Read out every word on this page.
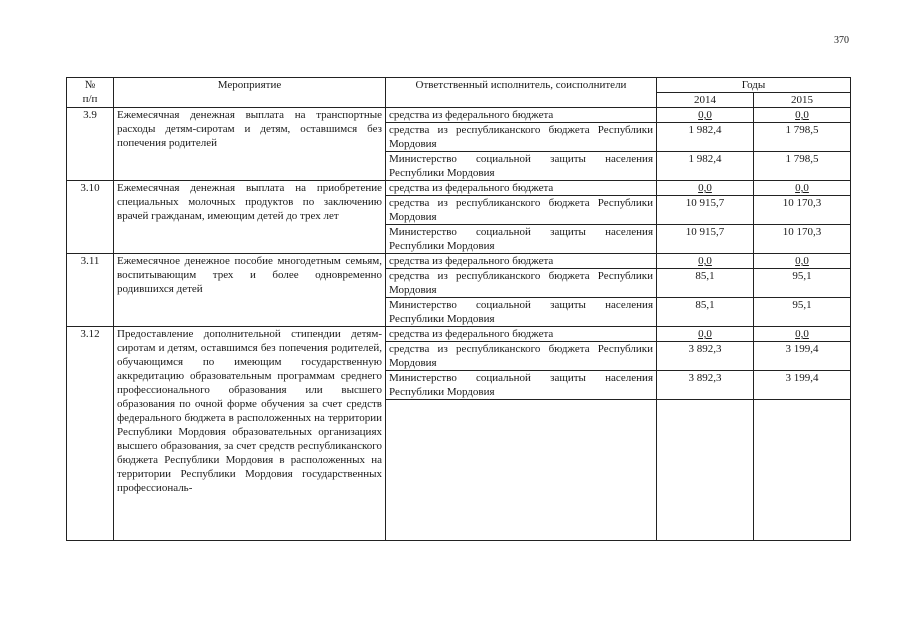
370
№
п/п	Мероприятие	Ответственный исполнитель, соисполнители	Годы	
			2014	2015
3.9	Ежемесячная денежная выплата на транспортные расходы детям-сиротам и детям, оставшимся без попечения родителей	средства из федерального бюджета	0,0	0,0
		средства из республиканского бюджета Республики Мордовия	1 982,4	1 798,5
		Министерство социальной защиты населения Республики Мордовия	1 982,4	1 798,5
3.10	Ежемесячная денежная выплата на приобретение специальных молочных продуктов по заключению врачей гражданам, имеющим детей до трех лет	средства из федерального бюджета	0,0	0,0
		средства из республиканского бюджета Республики Мордовия	10 915,7	10 170,3
		Министерство социальной защиты населения Республики Мордовия	10 915,7	10 170,3
3.11	Ежемесячное денежное пособие многодетным семьям, воспитывающим трех и более одновременно родившихся детей	средства из федерального бюджета	0,0	0,0
		средства из республиканского бюджета Республики Мордовия	85,1	95,1
		Министерство социальной защиты населения Республики Мордовия	85,1	95,1
3.12	Предоставление дополнительной стипендии детям-сиротам и детям, оставшимся без попечения родителей, обучающимся по имеющим государственную аккредитацию образовательным программам среднего профессионального образования или высшего образования по очной форме обучения за счет средств федерального бюджета в расположенных на территории Республики Мордовия образовательных организациях высшего образования, за счет средств республиканского бюджета Республики Мордовия в расположенных на территории Республики Мордовия государственных профессиональ-	средства из федерального бюджета	0,0	0,0
		средства из республиканского бюджета Республики Мордовия	3 892,3	3 199,4
		Министерство социальной защиты населения Республики Мордовия	3 892,3	3 199,4
